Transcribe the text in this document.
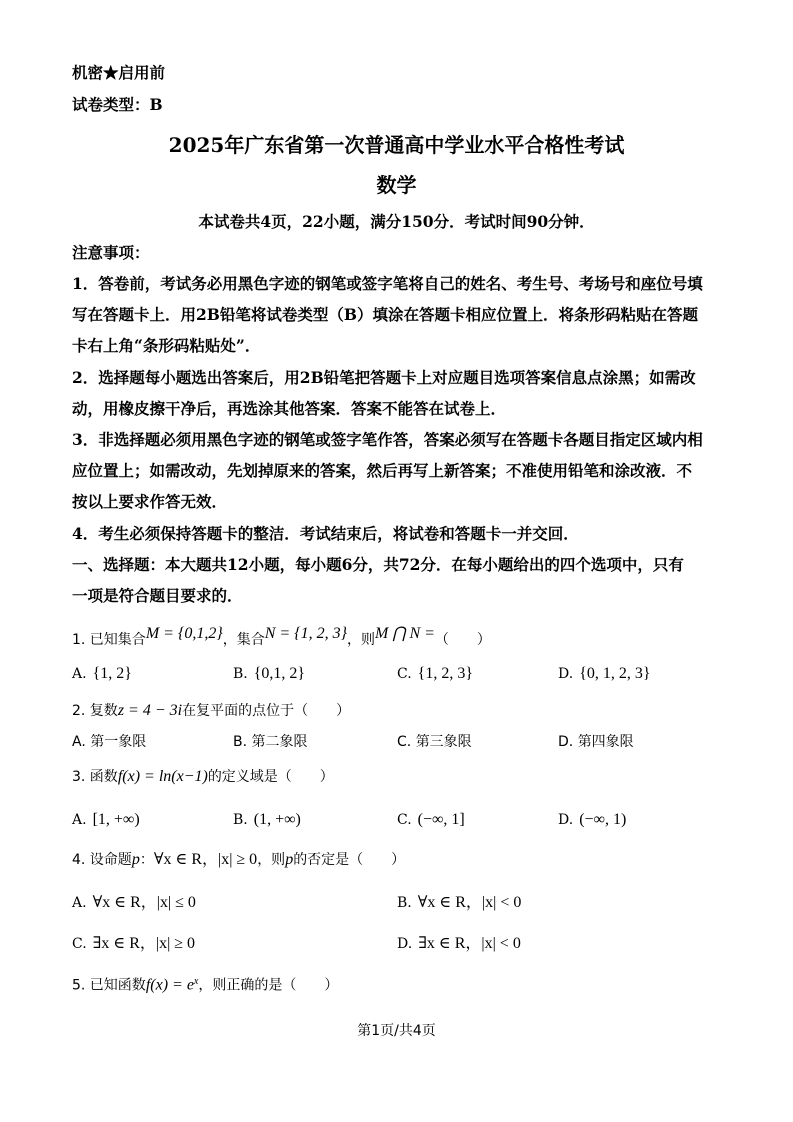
机密★启用前
试卷类型：B
2025年广东省第一次普通高中学业水平合格性考试
数学
本试卷共4页，22小题，满分150分．考试时间90分钟．
注意事项：
1．答卷前，考试务必用黑色字迹的钢笔或签字笔将自己的姓名、考生号、考场号和座位号填
写在答题卡上．用2B铅笔将试卷类型（B）填涂在答题卡相应位置上．将条形码粘贴在答题
卡右上角“条形码粘贴处”．
2．选择题每小题选出答案后，用2B铅笔把答题卡上对应题目选项答案信息点涂黑；如需改
动，用橡皮擦干净后，再选涂其他答案．答案不能答在试卷上．
3．非选择题必须用黑色字迹的钢笔或签字笔作答，答案必须写在答题卡各题目指定区域内相
应位置上；如需改动，先划掉原来的答案，然后再写上新答案；不准使用铅笔和涂改液．不
按以上要求作答无效．
4．考生必须保持答题卡的整洁．考试结束后，将试卷和答题卡一并交回．
一、选择题：本大题共12小题，每小题6分，共72分．在每小题给出的四个选项中，只有
一项是符合题目要求的．
1. 已知集合M = {0,1,2}，集合N = {1, 2, 3}，则M ⋂ N =（　　）
A. {1, 2}	B. {0,1, 2}	C. {1, 2, 3}	D. {0, 1, 2, 3}
2. 复数z = 4 − 3i在复平面的点位于（　　）
A. 第一象限	B. 第二象限	C. 第三象限	D. 第四象限
3. 函数f(x) = ln(x−1)的定义域是（　　）
A. [1, +∞)	B. (1, +∞)	C. (−∞, 1]	D. (−∞, 1)
4. 设命题p：∀x ∈ R，|x| ≥ 0，则p的否定是（　　）
A. ∀x ∈ R，|x| ≤ 0	B. ∀x ∈ R，|x| < 0
C. ∃x ∈ R，|x| ≥ 0	D. ∃x ∈ R，|x| < 0
5. 已知函数$f(x) = e^x$，则正确的是（　　）
第1页/共4页
